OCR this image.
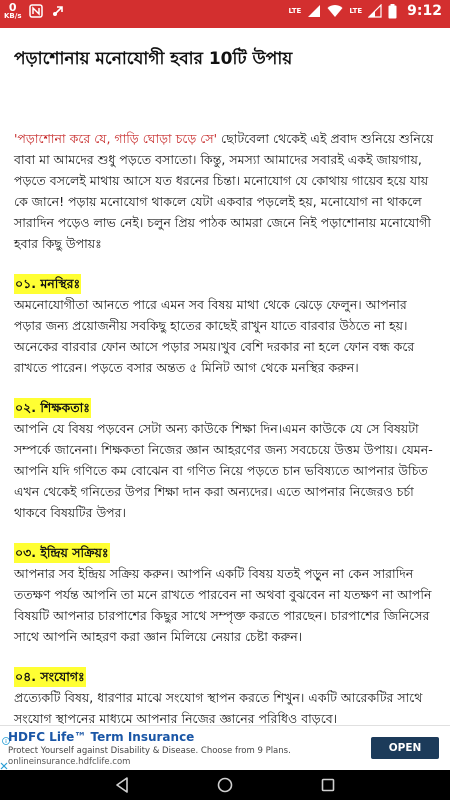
0
KB/s
LTE	LTE	9:12
পড়াশোনায় মনোযোগী হবার 10টি উপায়

'পড়াশোনা করে যে, গাড়ি ঘোড়া চড়ে সে' ছোটবেলা থেকেই এই প্রবাদ শুনিয়ে শুনিয়ে বাবা মা আমদের শুধু পড়তে বসাতো। কিন্তু, সমস্যা আমাদের সবারই একই জায়গায়, পড়তে বসলেই মাথায় আসে যত ধরনের চিন্তা। মনোযোগ যে কোথায় গায়েব হয়ে যায় কে জানে! পড়ায় মনোযোগ থাকলে যেটা একবার পড়লেই হয়, মনোযোগ না থাকলে সারাদিন পড়েও লাভ নেই। চলুন প্রিয় পাঠক আমরা জেনে নিই পড়াশোনায় মনোযোগী হবার কিছু উপায়ঃ

০১. মনস্থিরঃ

অমনোযোগীতা আনতে পারে এমন সব বিষয় মাথা থেকে ঝেড়ে ফেলুন। আপনার পড়ার জন্য প্রয়োজনীয় সবকিছু হাতের কাছেই রাখুন যাতে বারবার উঠতে না হয়। অনেকের বারবার ফোন আসে পড়ার সময়।খুব বেশি দরকার না হলে ফোন বন্ধ করে রাখতে পারেন। পড়তে বসার অন্তত ৫ মিনিট আগ থেকে মনস্থির করুন।

০২. শিক্ষকতাঃ

আপনি যে বিষয় পড়বেন সেটা অন্য কাউকে শিক্ষা দিন।এমন কাউকে যে সে বিষয়টা সম্পর্কে জানেনা। শিক্ষকতা নিজের জ্ঞান আহরণের জন্য সবচেয়ে উত্তম উপায়। যেমন- আপনি যদি গণিতে কম বোঝেন বা গণিত নিয়ে পড়তে চান ভবিষ্যতে আপনার উচিত এখন থেকেই গনিতের উপর শিক্ষা দান করা অন্যদের। এতে আপনার নিজেরও চর্চা থাকবে বিষয়টির উপর।

০৩. ইন্দ্রিয় সক্রিয়ঃ

আপনার সব ইন্দ্রিয় সক্রিয় করুন। আপনি একটি বিষয় যতই পড়ুন না কেন সারাদিন ততক্ষণ পর্যন্ত আপনি তা মনে রাখতে পারবেন না অথবা বুঝবেন না যতক্ষণ না আপনি বিষয়টি আপনার চারপাশের কিছুর সাথে সম্পৃক্ত করতে পারছেন। চারপাশের জিনিসের সাথে আপনি আহরণ করা জ্ঞান মিলিয়ে নেয়ার চেষ্টা করুন।

০৪. সংযোগঃ

প্রত্যেকটি বিষয়, ধারণার মাঝে সংযোগ স্থাপন করতে শিখুন। একটি আরেকটির সাথে সংযোগ স্থাপনের মাধ্যমে আপনার নিজের জ্ঞানের পরিধিও বাড়বে।

HDFC Life™ Term Insurance
Protect Yourself against Disability & Disease. Choose from 9 Plans.
onlineinsurance.hdfclife.com
OPEN
